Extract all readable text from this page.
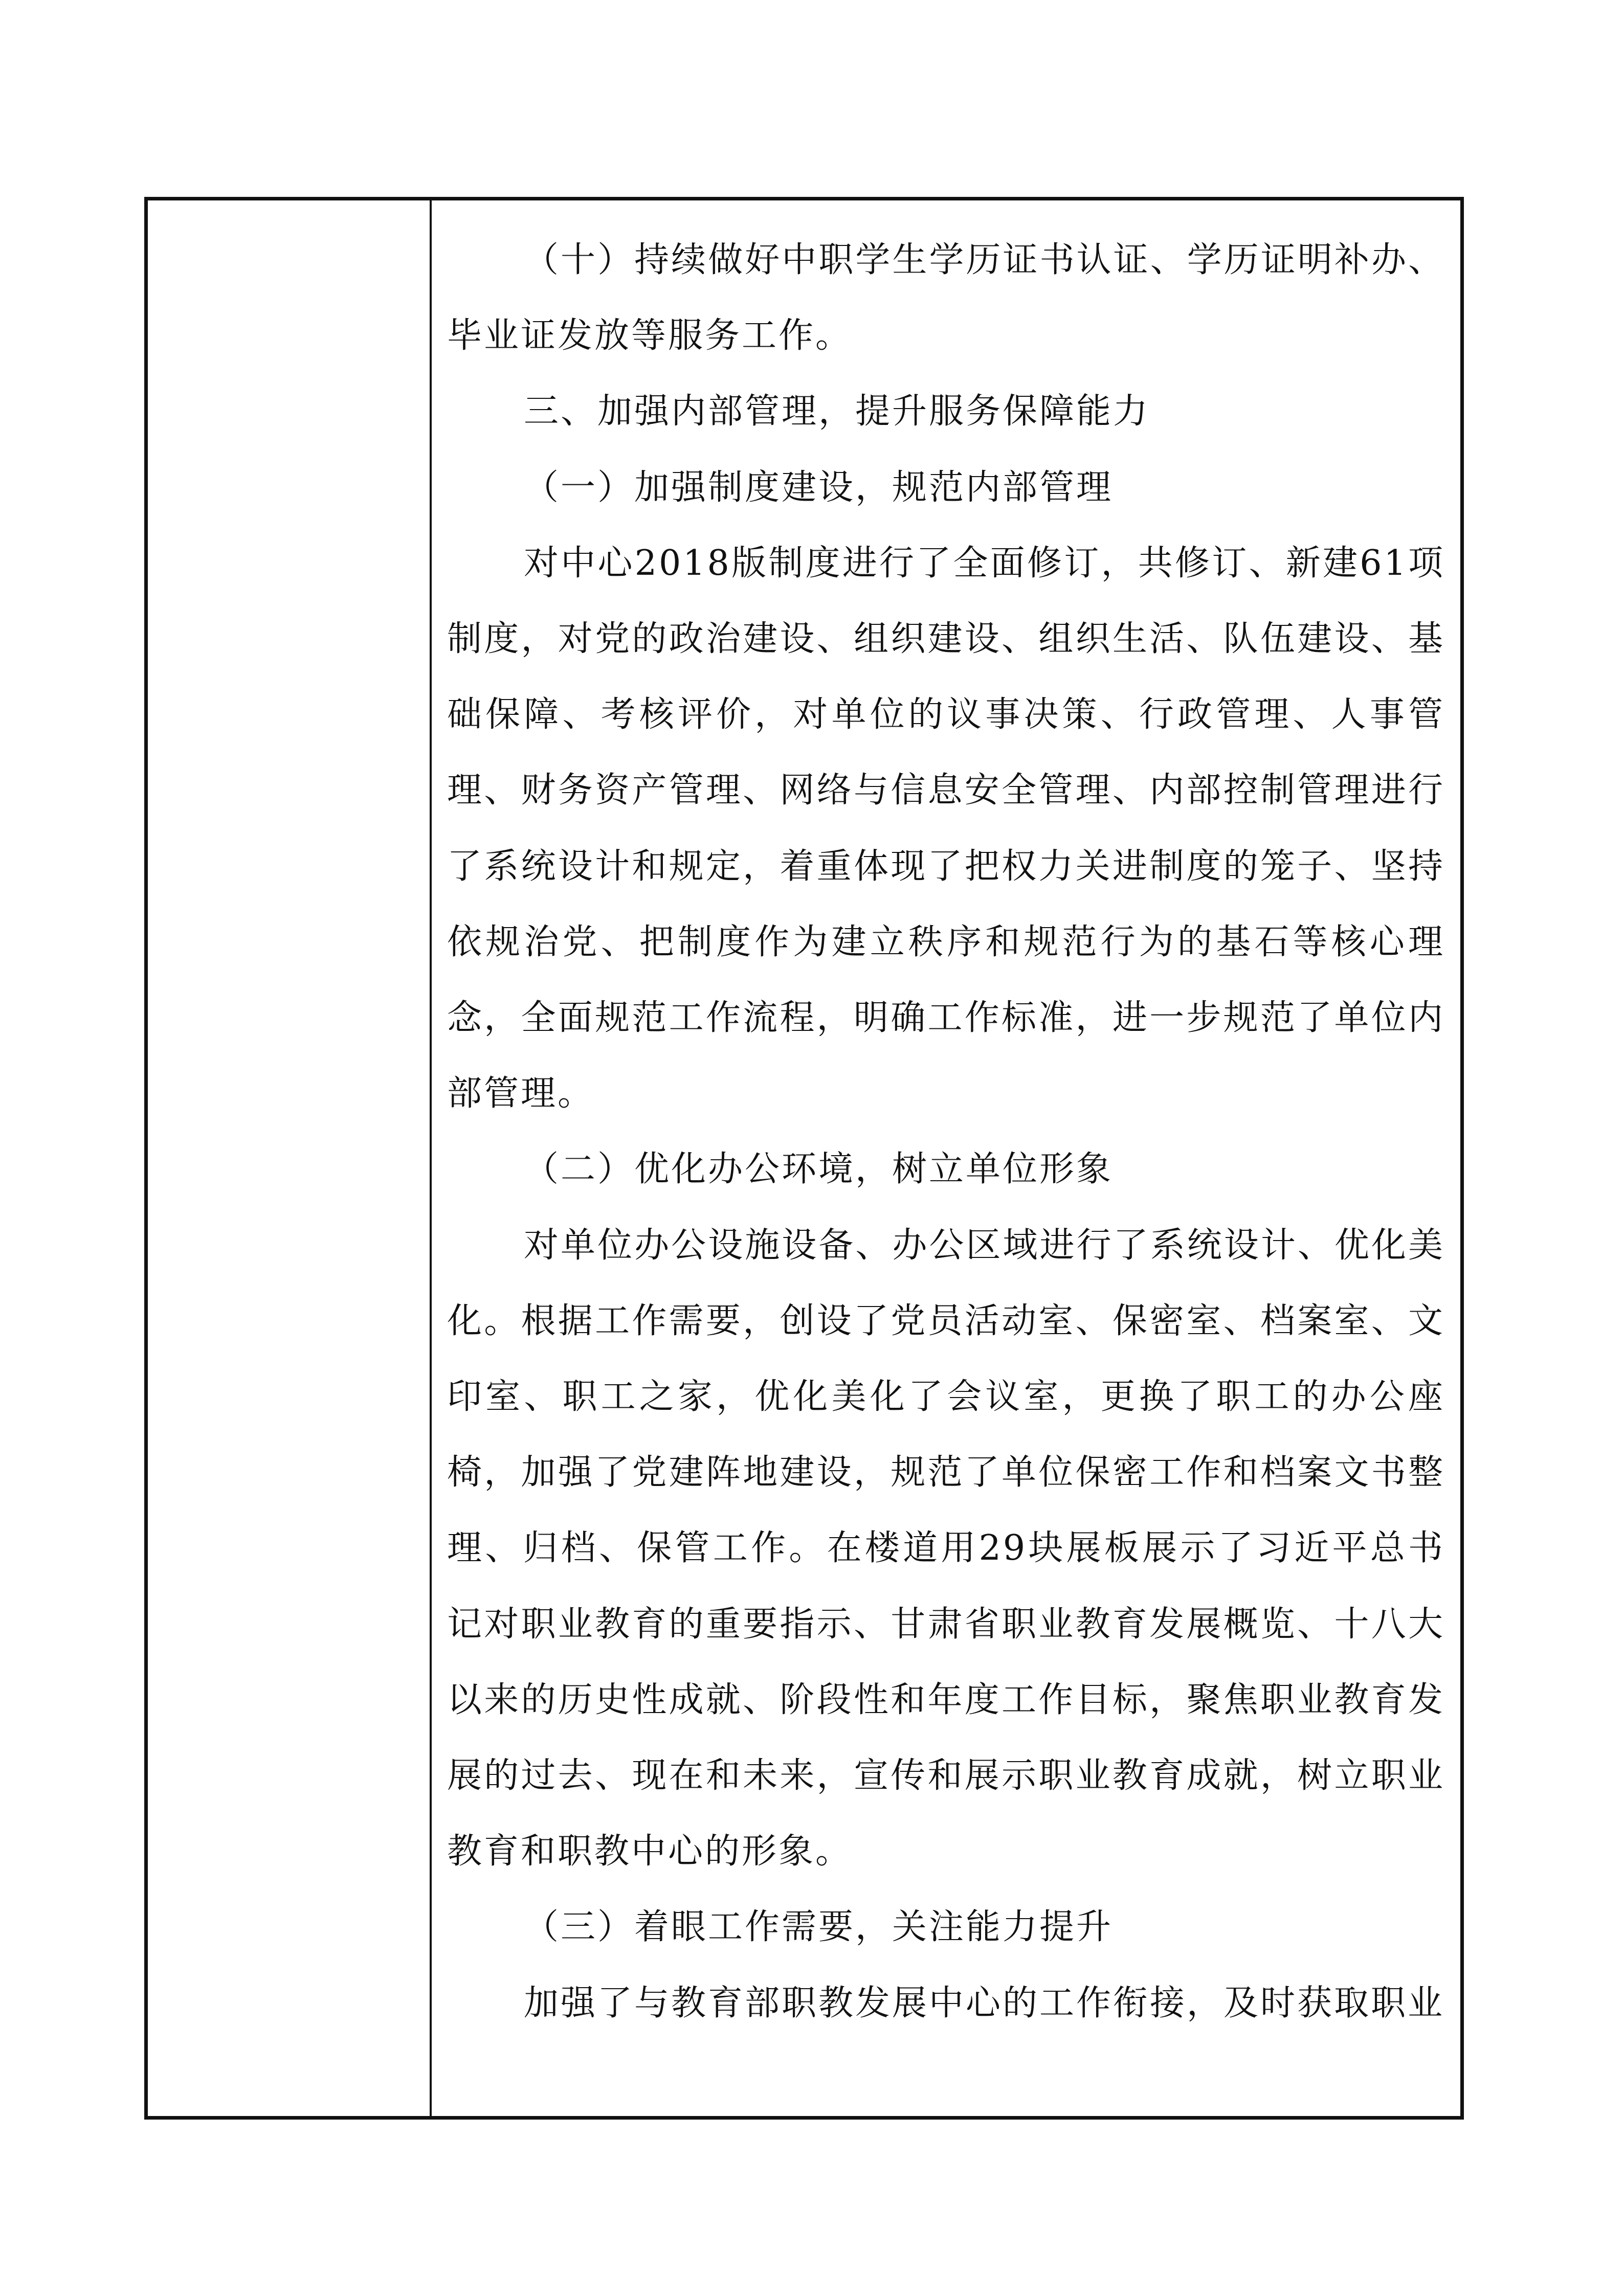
（十）持续做好中职学生学历证书认证、学历证明补办、毕业证发放等服务工作。

三、加强内部管理，提升服务保障能力

（一）加强制度建设，规范内部管理

对中心2018版制度进行了全面修订，共修订、新建61项制度，对党的政治建设、组织建设、组织生活、队伍建设、基础保障、考核评价，对单位的议事决策、行政管理、人事管理、财务资产管理、网络与信息安全管理、内部控制管理进行了系统设计和规定，着重体现了把权力关进制度的笼子、坚持依规治党、把制度作为建立秩序和规范行为的基石等核心理念，全面规范工作流程，明确工作标准，进一步规范了单位内部管理。

（二）优化办公环境，树立单位形象

对单位办公设施设备、办公区域进行了系统设计、优化美化。根据工作需要，创设了党员活动室、保密室、档案室、文印室、职工之家，优化美化了会议室，更换了职工的办公座椅，加强了党建阵地建设，规范了单位保密工作和档案文书整理、归档、保管工作。在楼道用29块展板展示了习近平总书记对职业教育的重要指示、甘肃省职业教育发展概览、十八大以来的历史性成就、阶段性和年度工作目标，聚焦职业教育发展的过去、现在和未来，宣传和展示职业教育成就，树立职业教育和职教中心的形象。

（三）着眼工作需要，关注能力提升

加强了与教育部职教发展中心的工作衔接，及时获取职业
